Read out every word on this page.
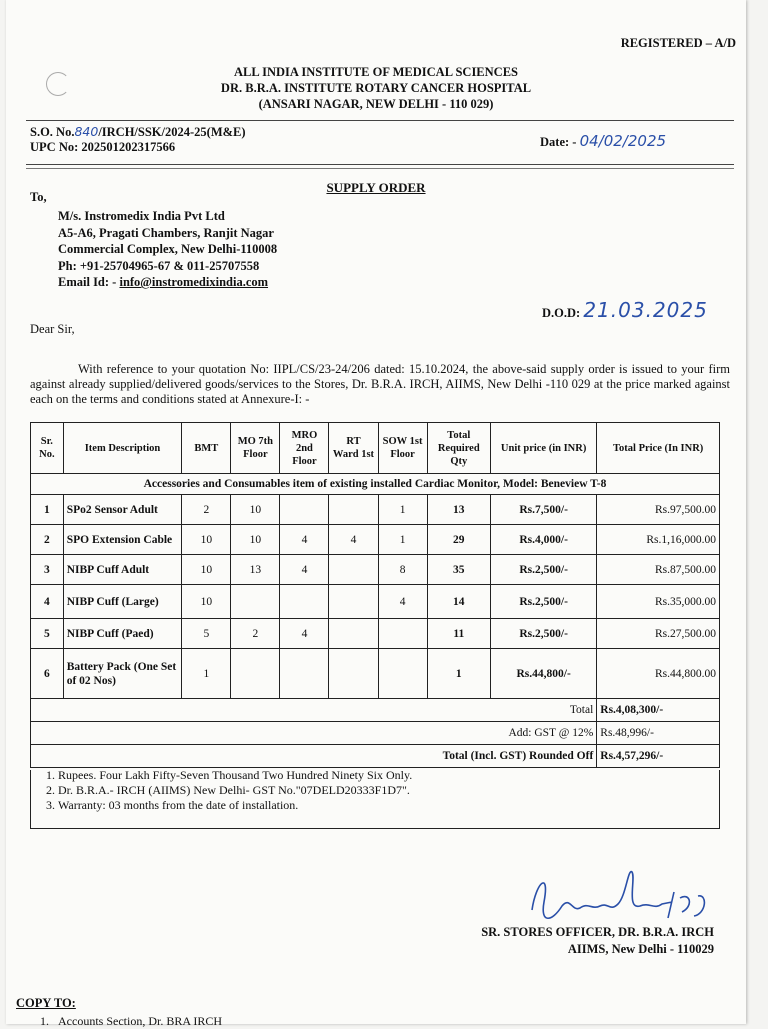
REGISTERED – A/D
ALL INDIA INSTITUTE OF MEDICAL SCIENCES
DR. B.R.A. INSTITUTE ROTARY CANCER HOSPITAL
(ANSARI NAGAR, NEW DELHI - 110 029)
S.O. No.840/IRCH/SSK/2024-25(M&E)
UPC No: 202501202317566	Date: - 04/02/2025
SUPPLY ORDER
To,
M/s. Instromedix India Pvt Ltd
A5-A6, Pragati Chambers, Ranjit Nagar
Commercial Complex, New Delhi-110008
Ph: +91-25704965-67 & 011-25707558
Email Id: - info@instromedixindia.com
D.O.D: 21.03.2025
Dear Sir,
With reference to your quotation No: IIPL/CS/23-24/206 dated: 15.10.2024, the above-said supply order is issued to your firm against already supplied/delivered goods/services to the Stores, Dr. B.R.A. IRCH, AIIMS, New Delhi -110 029 at the price marked against each on the terms and conditions stated at Annexure-I: -
Sr. No.	Item Description	BMT	MO 7th Floor	MRO 2nd Floor	RT Ward 1st	SOW 1st Floor	Total Required Qty	Unit price (in INR)	Total Price (In INR)
Accessories and Consumables item of existing installed Cardiac Monitor, Model: Beneview T-8									
1	SPo2 Sensor Adult	2	10			1	13	Rs.7,500/-	Rs.97,500.00
2	SPO Extension Cable	10	10	4	4	1	29	Rs.4,000/-	Rs.1,16,000.00
3	NIBP Cuff Adult	10	13	4		8	35	Rs.2,500/-	Rs.87,500.00
4	NIBP Cuff (Large)	10				4	14	Rs.2,500/-	Rs.35,000.00
5	NIBP Cuff (Paed)	5	2	4			11	Rs.2,500/-	Rs.27,500.00
6	Battery Pack (One Set of 02 Nos)	1					1	Rs.44,800/-	Rs.44,800.00
Total									Rs.4,08,300/-
Add: GST @ 12%									Rs.48,996/-
Total (Incl. GST) Rounded Off									Rs.4,57,296/-
1. Rupees. Four Lakh Fifty-Seven Thousand Two Hundred Ninety Six Only.
2. Dr. B.R.A.- IRCH (AIIMS) New Delhi- GST No."07DELD20333F1D7".
3. Warranty: 03 months from the date of installation.
SR. STORES OFFICER, DR. B.R.A. IRCH
AIIMS, New Delhi - 110029
COPY TO:
1.   Accounts Section, Dr. BRA IRCH
